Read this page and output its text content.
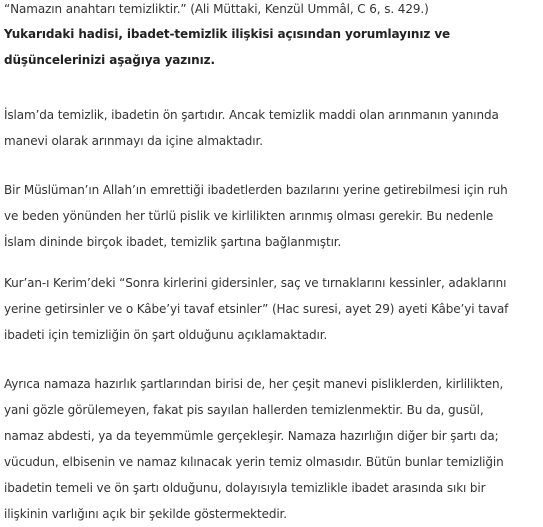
“Namazın anahtarı temizliktir.” (Ali Müttaki, Kenzül Ummâl, C 6, s. 429.)
Yukarıdaki hadisi, ibadet-temizlik ilişkisi açısından yorumlayınız ve
düşüncelerinizi aşağıya yazınız.
İslam’da temizlik, ibadetin ön şartıdır. Ancak temizlik maddi olan arınmanın yanında
manevi olarak arınmayı da içine almaktadır.
Bir Müslüman’ın Allah’ın emrettiği ibadetlerden bazılarını yerine getirebilmesi için ruh
ve beden yönünden her türlü pislik ve kirlilikten arınmış olması gerekir. Bu nedenle
İslam dininde birçok ibadet, temizlik şartına bağlanmıştır.
Kur’an-ı Kerim’deki “Sonra kirlerini gidersinler, saç ve tırnaklarını kessinler, adaklarını
yerine getirsinler ve o Kâbe’yi tavaf etsinler” (Hac suresi, ayet 29) ayeti Kâbe’yi tavaf
ibadeti için temizliğin ön şart olduğunu açıklamaktadır.
Ayrıca namaza hazırlık şartlarından birisi de, her çeşit manevi pisliklerden, kirlilikten,
yani gözle görülemeyen, fakat pis sayılan hallerden temizlenmektir. Bu da, gusül,
namaz abdesti, ya da teyemmümle gerçekleşir. Namaza hazırlığın diğer bir şartı da;
vücudun, elbisenin ve namaz kılınacak yerin temiz olmasıdır. Bütün bunlar temizliğin
ibadetin temeli ve ön şartı olduğunu, dolayısıyla temizlikle ibadet arasında sıkı bir
ilişkinin varlığını açık bir şekilde göstermektedir.
